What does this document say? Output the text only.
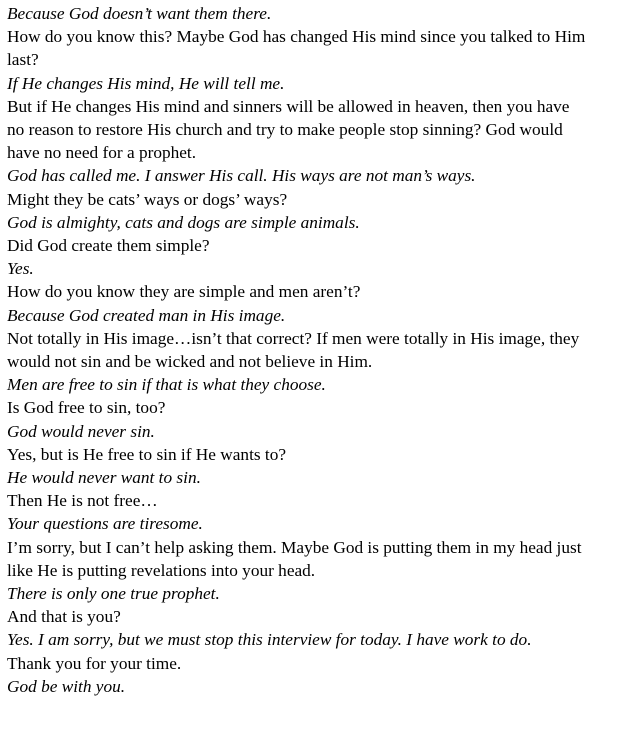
Because God doesn’t want them there.

How do you know this? Maybe God has changed His mind since you talked to Him last?

If He changes His mind, He will tell me.

But if He changes His mind and sinners will be allowed in heaven, then you have no reason to restore His church and try to make people stop sinning? God would have no need for a prophet.

God has called me. I answer His call. His ways are not man’s ways.

Might they be cats’ ways or dogs’ ways?

God is almighty, cats and dogs are simple animals.

Did God create them simple?

Yes.

How do you know they are simple and men aren’t?

Because God created man in His image.

Not totally in His image…isn’t that correct? If men were totally in His image, they would not sin and be wicked and not believe in Him.

Men are free to sin if that is what they choose.

Is God free to sin, too?

God would never sin.

Yes, but is He free to sin if He wants to?

He would never want to sin.

Then He is not free…

Your questions are tiresome.

I’m sorry, but I can’t help asking them. Maybe God is putting them in my head just like He is putting revelations into your head.

There is only one true prophet.

And that is you?

Yes. I am sorry, but we must stop this interview for today. I have work to do.

Thank you for your time.

God be with you.
